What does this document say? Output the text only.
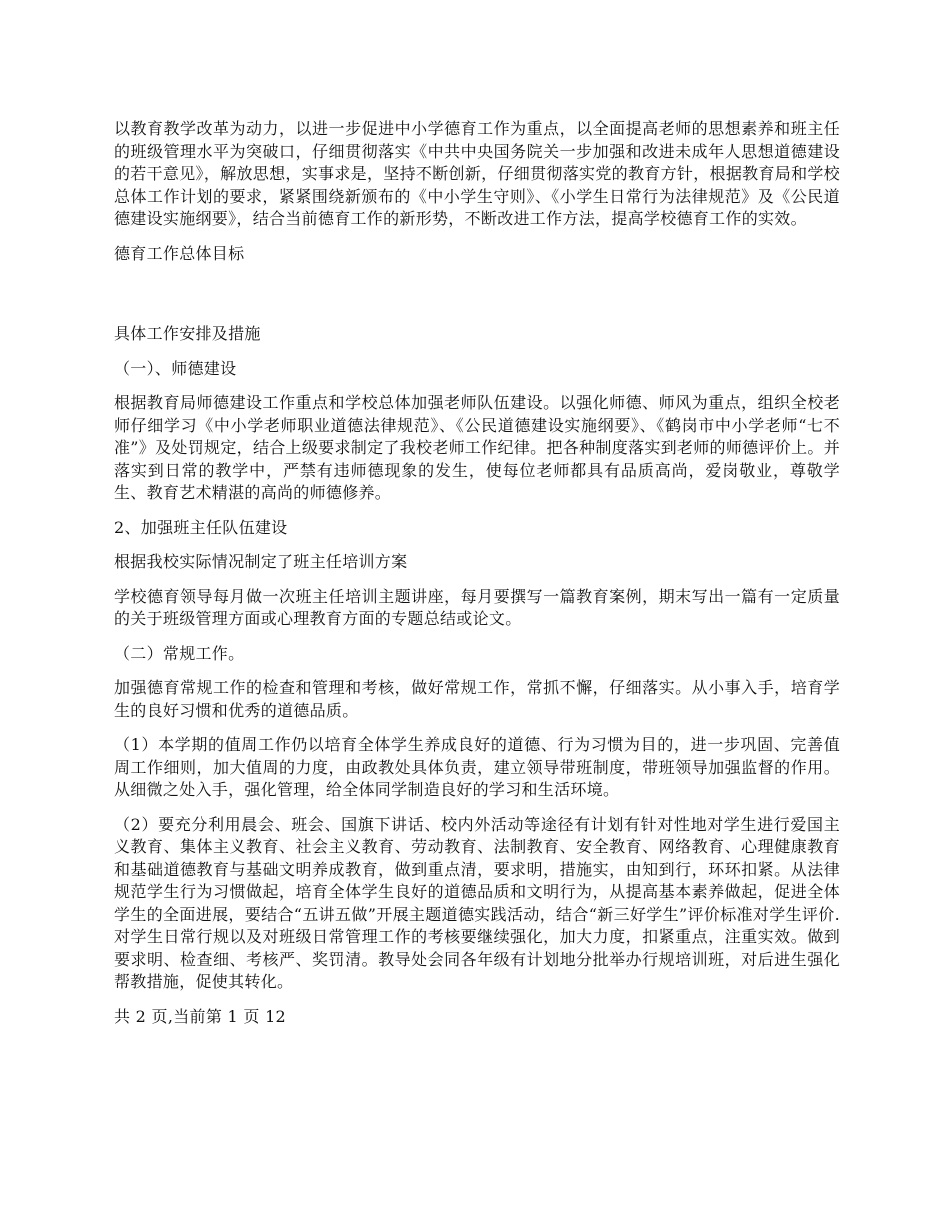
以教育教学改革为动力，以进一步促进中小学德育工作为重点，以全面提高老师的思想素养和班主任的班级管理水平为突破口，仔细贯彻落实《中共中央国务院关一步加强和改进未成年人思想道德建设的若干意见》，解放思想，实事求是，坚持不断创新，仔细贯彻落实党的教育方针，根据教育局和学校总体工作计划的要求，紧紧围绕新颁布的《中小学生守则》、《小学生日常行为法律规范》及《公民道德建设实施纲要》，结合当前德育工作的新形势，不断改进工作方法，提高学校德育工作的实效。

德育工作总体目标

具体工作安排及措施

（一）、师德建设

根据教育局师德建设工作重点和学校总体加强老师队伍建设。以强化师德、师风为重点，组织全校老师仔细学习《中小学老师职业道德法律规范》、《公民道德建设实施纲要》、《鹤岗市中小学老师“七不准”》及处罚规定，结合上级要求制定了我校老师工作纪律。把各种制度落实到老师的师德评价上。并落实到日常的教学中，严禁有违师德现象的发生，使每位老师都具有品质高尚，爱岗敬业，尊敬学生、教育艺术精湛的高尚的师德修养。

2、加强班主任队伍建设

根据我校实际情况制定了班主任培训方案

学校德育领导每月做一次班主任培训主题讲座，每月要撰写一篇教育案例，期末写出一篇有一定质量的关于班级管理方面或心理教育方面的专题总结或论文。

（二）常规工作。

加强德育常规工作的检查和管理和考核，做好常规工作，常抓不懈，仔细落实。从小事入手，培育学生的良好习惯和优秀的道德品质。

（1）本学期的值周工作仍以培育全体学生养成良好的道德、行为习惯为目的，进一步巩固、完善值周工作细则，加大值周的力度，由政教处具体负责，建立领导带班制度，带班领导加强监督的作用。从细微之处入手，强化管理，给全体同学制造良好的学习和生活环境。

（2）要充分利用晨会、班会、国旗下讲话、校内外活动等途径有计划有针对性地对学生进行爱国主义教育、集体主义教育、社会主义教育、劳动教育、法制教育、安全教育、网络教育、心理健康教育和基础道德教育与基础文明养成教育，做到重点清，要求明，措施实，由知到行，环环扣紧。从法律规范学生行为习惯做起，培育全体学生良好的道德品质和文明行为，从提高基本素养做起，促进全体学生的全面进展，要结合“五讲五做”开展主题道德实践活动，结合“新三好学生”评价标准对学生评价.对学生日常行规以及对班级日常管理工作的考核要继续强化，加大力度，扣紧重点，注重实效。做到要求明、检查细、考核严、奖罚清。教导处会同各年级有计划地分批举办行规培训班，对后进生强化帮教措施，促使其转化。

共 2 页,当前第 1 页 12
